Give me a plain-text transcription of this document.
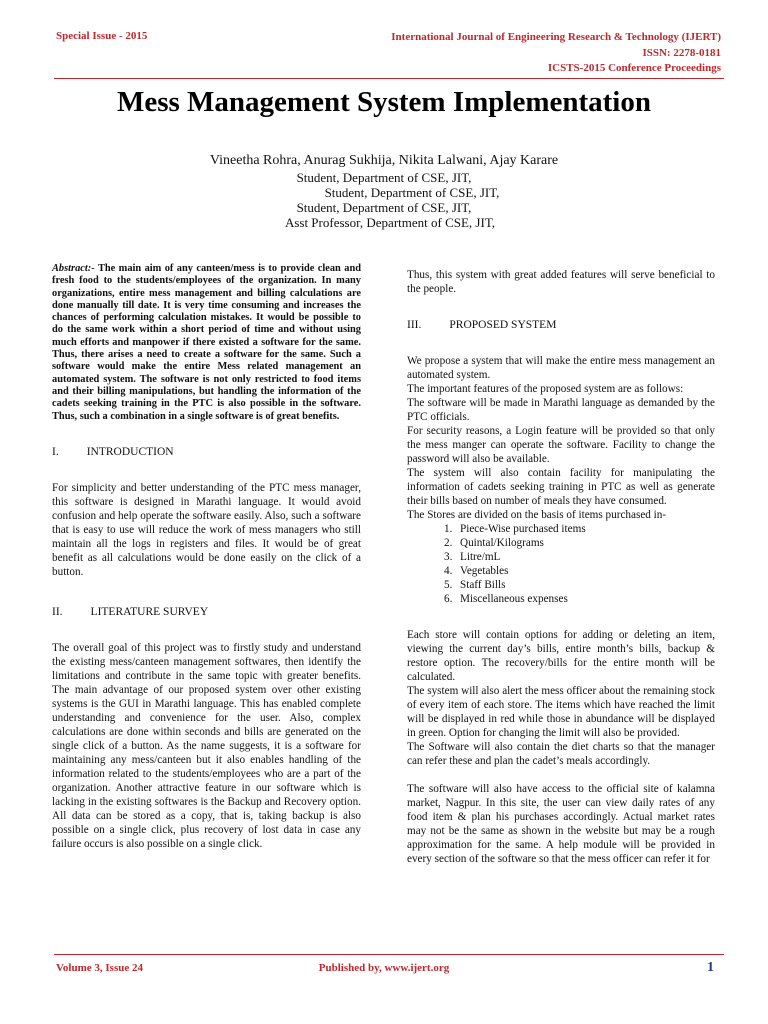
Special Issue - 2015	International Journal of Engineering Research & Technology (IJERT)
ISSN: 2278-0181
ICSTS-2015 Conference Proceedings
Mess Management System Implementation
Vineetha Rohra, Anurag Sukhija, Nikita Lalwani, Ajay Karare
Student, Department of CSE, JIT,
Student, Department of CSE, JIT,
Student, Department of CSE, JIT,
Asst Professor, Department of CSE, JIT,

Abstract:- The main aim of any canteen/mess is to provide clean and fresh food to the students/employees of the organization. In many organizations, entire mess management and billing calculations are done manually till date. It is very time consuming and increases the chances of performing calculation mistakes. It would be possible to do the same work within a short period of time and without using much efforts and manpower if there existed a software for the same. Thus, there arises a need to create a software for the same. Such a software would make the entire Mess related management an automated system. The software is not only restricted to food items and their billing manipulations, but handling the information of the cadets seeking training in the PTC is also possible in the software. Thus, such a combination in a single software is of great benefits.

I. INTRODUCTION

For simplicity and better understanding of the PTC mess manager, this software is designed in Marathi language. It would avoid confusion and help operate the software easily. Also, such a software that is easy to use will reduce the work of mess managers who still maintain all the logs in registers and files. It would be of great benefit as all calculations would be done easily on the click of a button.

II. LITERATURE SURVEY

The overall goal of this project was to firstly study and understand the existing mess/canteen management softwares, then identify the limitations and contribute in the same topic with greater benefits. The main advantage of our proposed system over other existing systems is the GUI in Marathi language. This has enabled complete understanding and convenience for the user. Also, complex calculations are done within seconds and bills are generated on the single click of a button. As the name suggests, it is a software for maintaining any mess/canteen but it also enables handling of the information related to the students/employees who are a part of the organization. Another attractive feature in our software which is lacking in the existing softwares is the Backup and Recovery option. All data can be stored as a copy, that is, taking backup is also possible on a single click, plus recovery of lost data in case any failure occurs is also possible on a single click.

Thus, this system with great added features will serve beneficial to the people.

III. PROPOSED SYSTEM

We propose a system that will make the entire mess management an automated system.

The important features of the proposed system are as follows:

The software will be made in Marathi language as demanded by the PTC officials.

For security reasons, a Login feature will be provided so that only the mess manger can operate the software. Facility to change the password will also be available.

The system will also contain facility for manipulating the information of cadets seeking training in PTC as well as generate their bills based on number of meals they have consumed.

The Stores are divided on the basis of items purchased in-

1. Piece-Wise purchased items
2. Quintal/Kilograms
3. Litre/mL
4. Vegetables
5. Staff Bills
6. Miscellaneous expenses

Each store will contain options for adding or deleting an item, viewing the current day’s bills, entire month’s bills, backup & restore option. The recovery/bills for the entire month will be calculated.

The system will also alert the mess officer about the remaining stock of every item of each store. The items which have reached the limit will be displayed in red while those in abundance will be displayed in green. Option for changing the limit will also be provided.

The Software will also contain the diet charts so that the manager can refer these and plan the cadet’s meals accordingly.

The software will also have access to the official site of kalamna market, Nagpur. In this site, the user can view daily rates of any food item & plan his purchases accordingly. Actual market rates may not be the same as shown in the website but may be a rough approximation for the same. A help module will be provided in every section of the software so that the mess officer can refer it for

Volume 3, Issue 24	Published by, www.ijert.org	1
